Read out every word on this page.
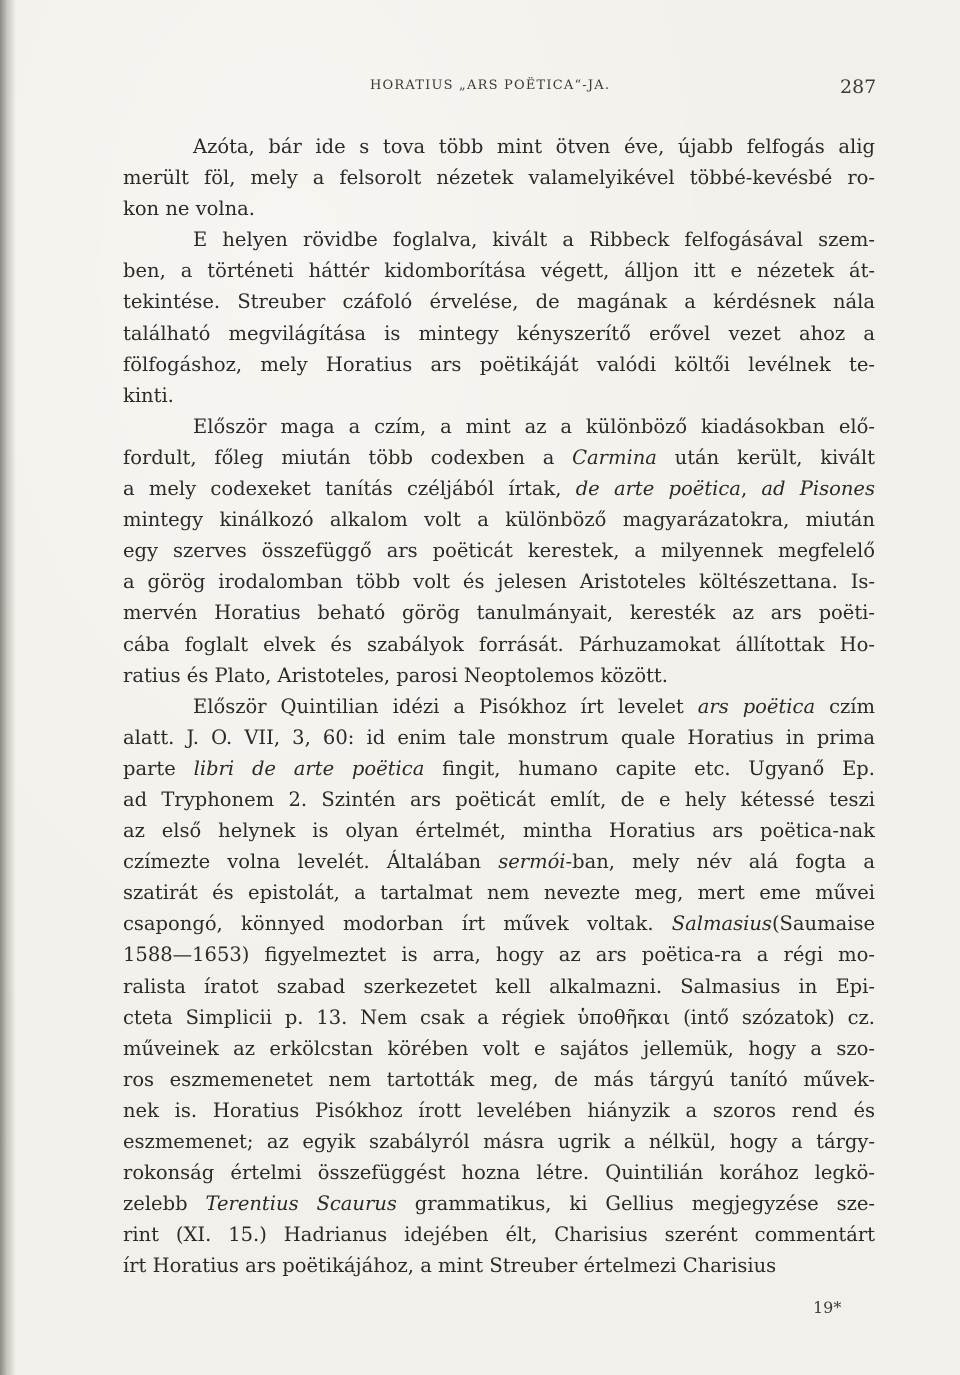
HORATIUS „ARS POËTICA“-JA.	287
Azóta, bár ide s tova több mint ötven éve, újabb felfogás alig
merült föl, mely a felsorolt nézetek valamelyikével többé-kevésbé ro-
kon ne volna.
E helyen rövidbe foglalva, kivált a Ribbeck felfogásával szem-
ben, a történeti háttér kidomborítása végett, álljon itt e nézetek át-
tekintése. Streuber czáfoló érvelése, de magának a kérdésnek nála
található megvilágítása is mintegy kényszerítő erővel vezet ahoz a
fölfogáshoz, mely Horatius ars poëtikáját valódi költői levélnek te-
kinti.
Először maga a czím, a mint az a különböző kiadásokban elő-
fordult, főleg miután több codexben a Carmina után került, kivált
a mely codexeket tanítás czéljából írtak, de arte poëtica, ad Pisones
mintegy kinálkozó alkalom volt a különböző magyarázatokra, miután
egy szerves összefüggő ars poëticát kerestek, a milyennek megfelelő
a görög irodalomban több volt és jelesen Aristoteles költészettana. Is-
mervén Horatius beható görög tanulmányait, keresték az ars poëti-
cába foglalt elvek és szabályok forrását. Párhuzamokat állítottak Ho-
ratius és Plato, Aristoteles, parosi Neoptolemos között.
Először Quintilian idézi a Pisókhoz írt levelet ars poëtica czím
alatt. J. O. VII, 3, 60: id enim tale monstrum quale Horatius in prima
parte libri de arte poëtica fingit, humano capite etc. Ugyanő Ep.
ad Tryphonem 2. Szintén ars poëticát említ, de e hely kétessé teszi
az első helynek is olyan értelmét, mintha Horatius ars poëtica-nak
czímezte volna levelét. Általában sermói-ban, mely név alá fogta a
szatirát és epistolát, a tartalmat nem nevezte meg, mert eme művei
csapongó, könnyed modorban írt művek voltak. Salmasius(Saumaise
1588—1653) figyelmeztet is arra, hogy az ars poëtica-ra a régi mo-
ralista íratot szabad szerkezetet kell alkalmazni. Salmasius in Epi-
cteta Simplicii p. 13. Nem csak a régiek ὑποθῆκαι (intő szózatok) cz.
műveinek az erkölcstan körében volt e sajátos jellemük, hogy a szo-
ros eszmemenetet nem tartották meg, de más tárgyú tanító művek-
nek is. Horatius Pisókhoz írott levelében hiányzik a szoros rend és
eszmemenet; az egyik szabályról másra ugrik a nélkül, hogy a tárgy-
rokonság értelmi összefüggést hozna létre. Quintilián korához legkö-
zelebb Terentius Scaurus grammatikus, ki Gellius megjegyzése sze-
rint (XI. 15.) Hadrianus idejében élt, Charisius szerént commentárt
írt Horatius ars poëtikájához, a mint Streuber értelmezi Charisius
19*
